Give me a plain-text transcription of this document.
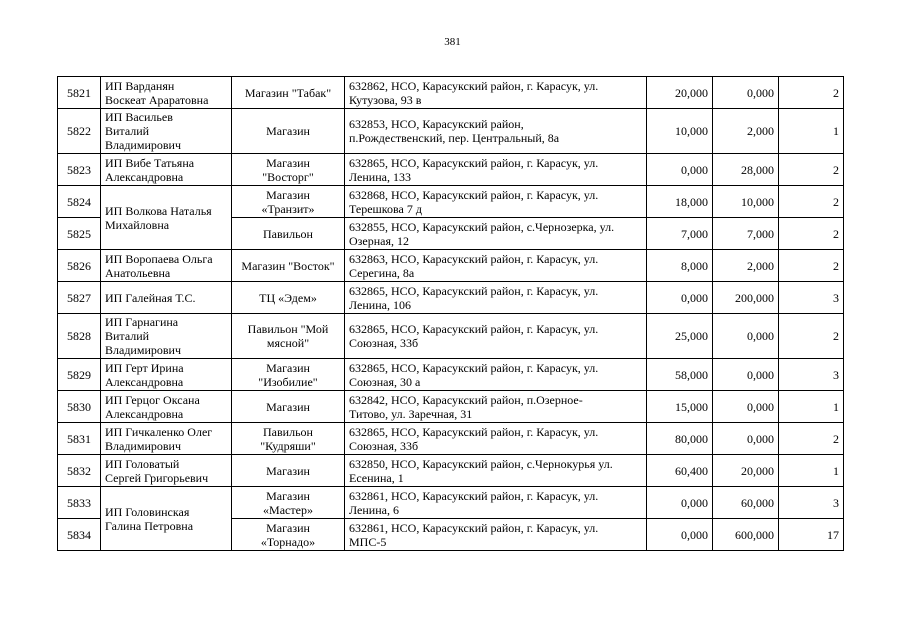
381
5821	ИП Варданян
Воскеат Араратовна	Магазин "Табак"	632862, НСО, Карасукский район, г. Карасук, ул.
Кутузова, 93 в	20,000	0,000	2
5822	ИП Васильев
Виталий
Владимирович	Магазин	632853, НСО, Карасукский район,
п.Рождественский, пер. Центральный, 8а	10,000	2,000	1
5823	ИП Вибе Татьяна
Александровна	Магазин
"Восторг"	632865, НСО, Карасукский район, г. Карасук, ул.
Ленина, 133	0,000	28,000	2
5824	ИП Волкова Наталья
Михайловна	Магазин
«Транзит»	632868, НСО, Карасукский район, г. Карасук, ул.
Терешкова 7 д	18,000	10,000	2
5825		Павильон	632855, НСО, Карасукский район, с.Чернозерка, ул.
Озерная, 12	7,000	7,000	2
5826	ИП Воропаева Ольга
Анатольевна	Магазин "Восток"	632863, НСО, Карасукский район, г. Карасук, ул.
Серегина, 8а	8,000	2,000	2
5827	ИП Галейная Т.С.	ТЦ «Эдем»	632865, НСО, Карасукский район, г. Карасук, ул.
Ленина, 106	0,000	200,000	3
5828	ИП Гарнагина
Виталий
Владимирович	Павильон "Мой
мясной"	632865, НСО, Карасукский район, г. Карасук, ул.
Союзная, 33б	25,000	0,000	2
5829	ИП Герт Ирина
Александровна	Магазин
"Изобилие"	632865, НСО, Карасукский район, г. Карасук, ул.
Союзная, 30 а	58,000	0,000	3
5830	ИП Герцог Оксана
Александровна	Магазин	632842, НСО, Карасукский район, п.Озерное-
Титово, ул. Заречная, 31	15,000	0,000	1
5831	ИП Гичкаленко Олег
Владимирович	Павильон
"Кудряши"	632865, НСО, Карасукский район, г. Карасук, ул.
Союзная, 33б	80,000	0,000	2
5832	ИП Головатый
Сергей Григорьевич	Магазин	632850, НСО, Карасукский район, с.Чернокурья ул.
Есенина, 1	60,400	20,000	1
5833	ИП Головинская
Галина Петровна	Магазин
«Мастер»	632861, НСО, Карасукский район, г. Карасук, ул.
Ленина, 6	0,000	60,000	3
5834		Магазин
«Торнадо»	632861, НСО, Карасукский район, г. Карасук, ул.
МПС-5	0,000	600,000	17
